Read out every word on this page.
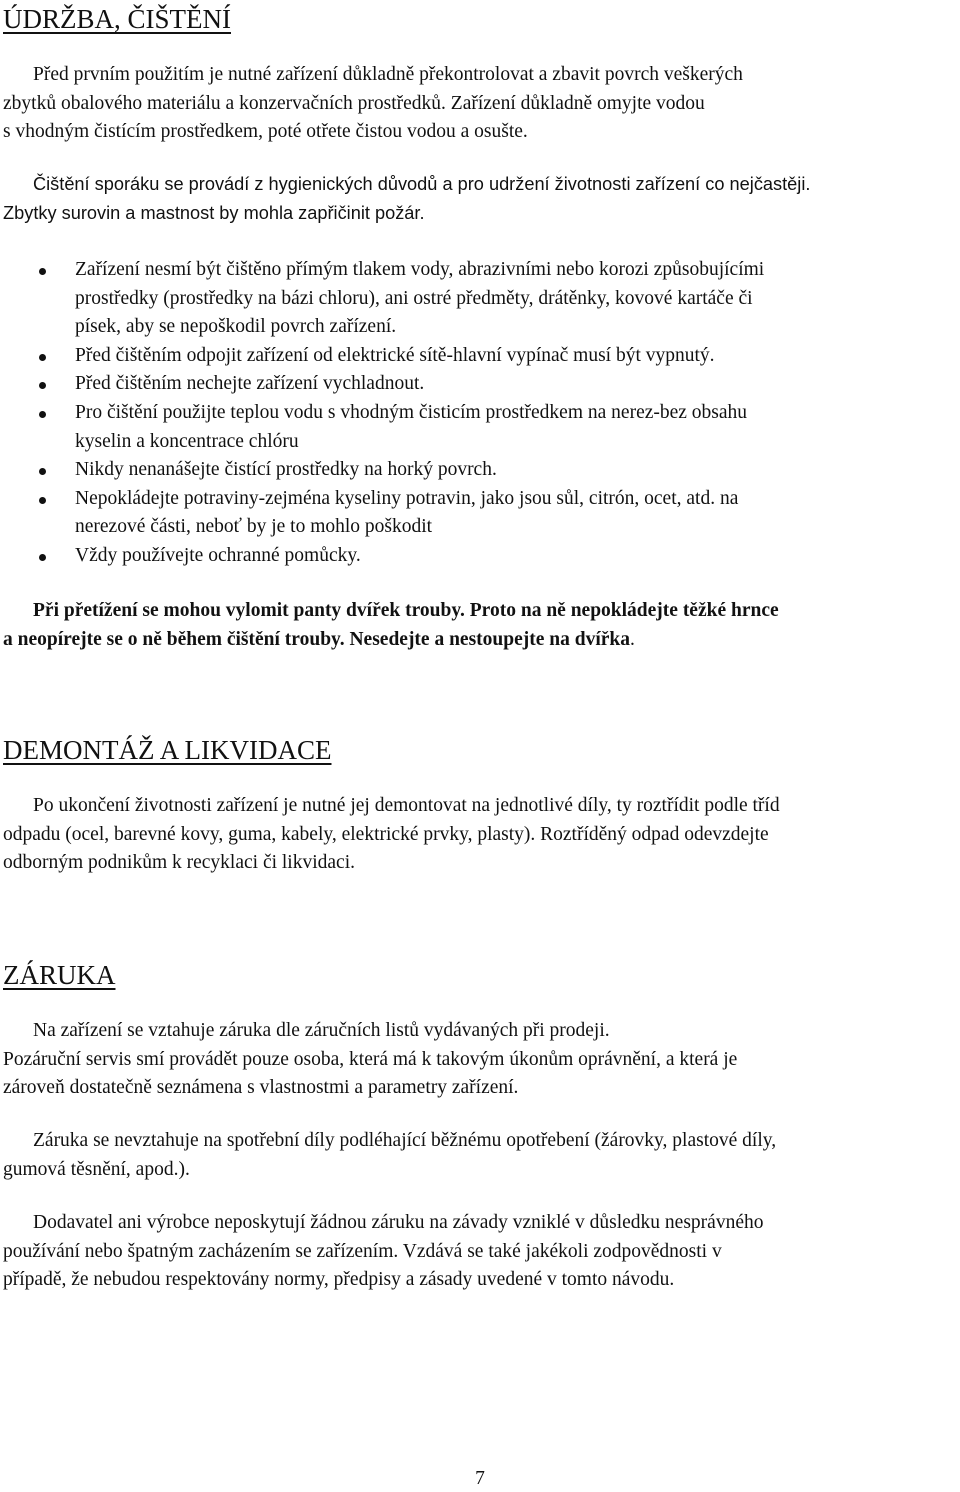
ÚDRŽBA, ČIŠTĚNÍ

Před prvním použitím je nutné zařízení důkladně překontrolovat a zbavit povrch veškerých

zbytků obalového materiálu a konzervačních prostředků. Zařízení důkladně omyjte vodou

s vhodným čistícím prostředkem, poté otřete čistou vodou a osušte.

Čištění sporáku se provádí z hygienických důvodů a pro udržení životnosti zařízení co nejčastěji.

Zbytky surovin a mastnost by mohla zapřičinit požár.

Zařízení nesmí být čištěno přímým tlakem vody, abrazivními nebo korozi způsobujícími
prostředky (prostředky na bázi chloru), ani ostré předměty, drátěnky, kovové kartáče či
písek, aby se nepoškodil povrch zařízení.
Před čištěním odpojit zařízení od elektrické sítě-hlavní vypínač musí být vypnutý.
Před čištěním nechejte zařízení vychladnout.
Pro čištění použijte teplou vodu s vhodným čisticím prostředkem na nerez-bez obsahu
kyselin a koncentrace chlóru
Nikdy nenanášejte čistící prostředky na horký povrch.
Nepokládejte potraviny-zejména kyseliny potravin, jako jsou sůl, citrón, ocet, atd. na
nerezové části, neboť by je to mohlo poškodit
Vždy používejte ochranné pomůcky.

Při přetížení se mohou vylomit panty dvířek trouby. Proto na ně nepokládejte těžké hrnce

a neopírejte se o ně během čištění trouby. Nesedejte a nestoupejte na dvířka.

DEMONTÁŽ A LIKVIDACE

Po ukončení životnosti zařízení je nutné jej demontovat na jednotlivé díly, ty roztřídit podle tříd

odpadu (ocel, barevné kovy, guma, kabely, elektrické prvky, plasty). Roztříděný odpad odevzdejte

odborným podnikům k recyklaci či likvidaci.

ZÁRUKA

Na zařízení se vztahuje záruka dle záručních listů vydávaných při prodeji.

Pozáruční servis smí provádět pouze osoba, která má k takovým úkonům oprávnění, a která je

zároveň dostatečně seznámena s vlastnostmi a parametry zařízení.

Záruka se nevztahuje na spotřební díly podléhající běžnému opotřebení (žárovky, plastové díly,

gumová těsnění, apod.).

Dodavatel ani výrobce neposkytují žádnou záruku na závady vzniklé v důsledku nesprávného

používání nebo špatným zacházením se zařízením. Vzdává se také jakékoli zodpovědnosti v

případě, že nebudou respektovány normy, předpisy a zásady uvedené v tomto návodu.

7
